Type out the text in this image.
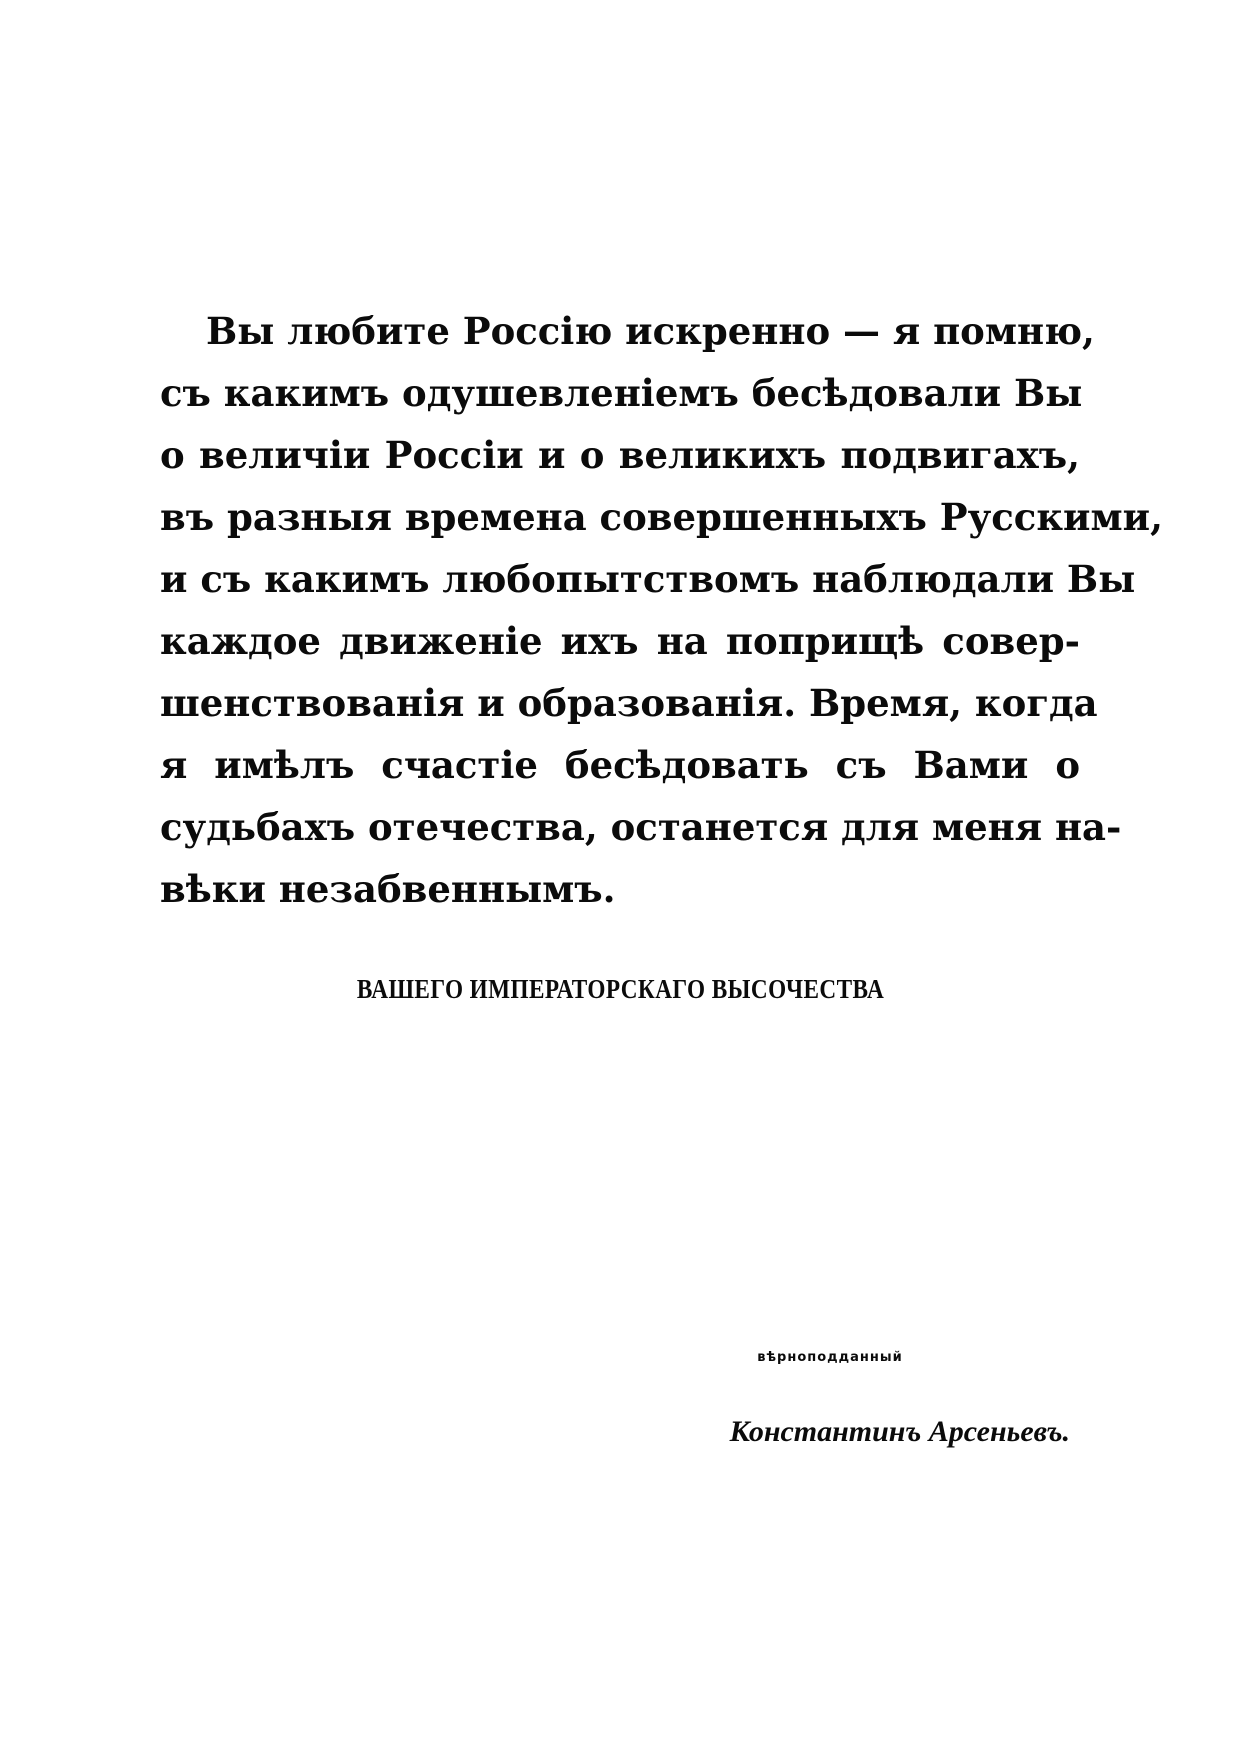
Вы любите Россію искренно — я помню,
съ какимъ одушевленіемъ бесѣдовали Вы
о величіи Россіи и о великихъ подвигахъ,
въ разныя времена совершенныхъ Русскими,
и съ какимъ любопытствомъ наблюдали Вы
каждое движеніе ихъ на поприщѣ совер-
шенствованія и образованія. Время, когда
я имѣлъ счастіе бесѣдовать съ Вами о
судьбахъ отечества, останется для меня на-
вѣки незабвеннымъ.

ВАШЕГО ИМПЕРАТОРСКАГО ВЫСОЧЕСТВА

вѣрноподданный

Константинъ Арсеньевъ.
